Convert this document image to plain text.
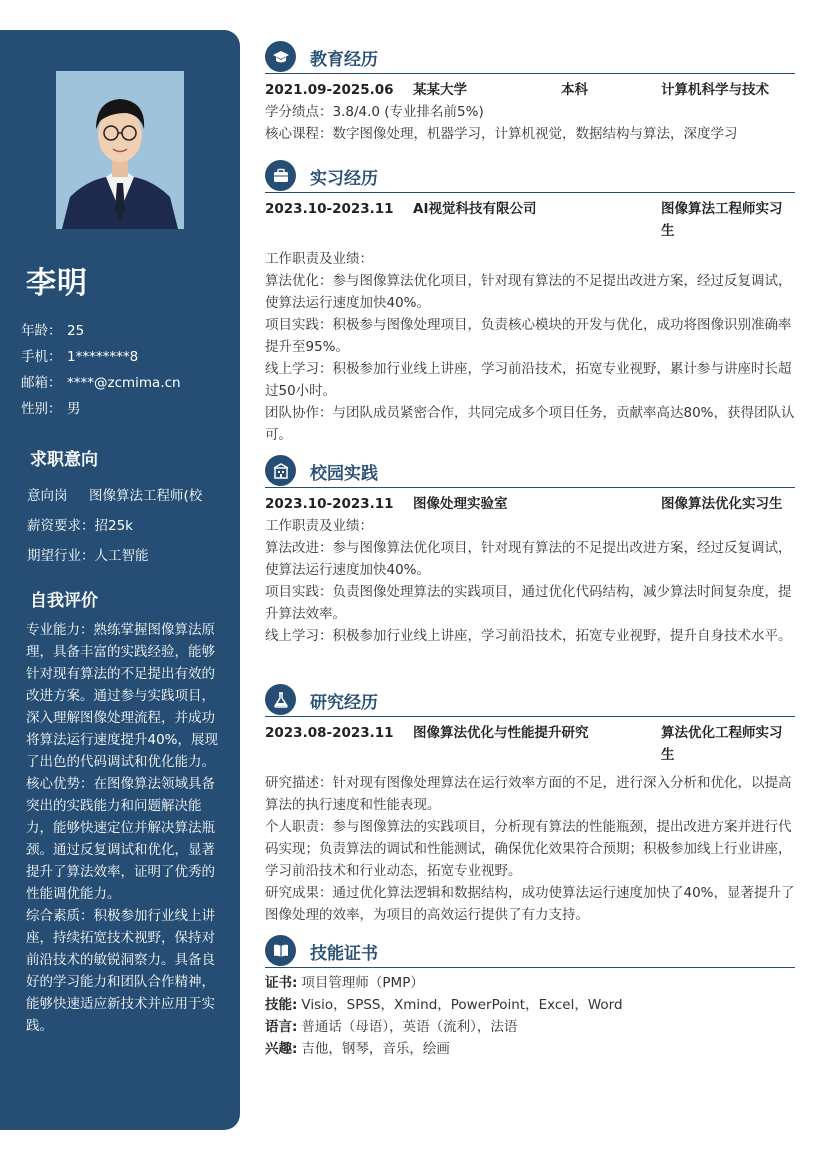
李明
年龄： 25
手机： 1********8
邮箱： ****@zcmima.cn
性别： 男
求职意向
意向岗	图像算法工程师(校
薪资要求： 招25k
期望行业： 人工智能
自我评价
专业能力：熟练掌握图像算法原理，具备丰富的实践经验，能够针对现有算法的不足提出有效的改进方案。通过参与实践项目，深入理解图像处理流程，并成功将算法运行速度提升40%，展现了出色的代码调试和优化能力。
核心优势：在图像算法领域具备突出的实践能力和问题解决能力，能够快速定位并解决算法瓶颈。通过反复调试和优化，显著提升了算法效率，证明了优秀的性能调优能力。
综合素质：积极参加行业线上讲座，持续拓宽技术视野，保持对前沿技术的敏锐洞察力。具备良好的学习能力和团队合作精神，能够快速适应新技术并应用于实践。
教育经历
2021.09-2025.06	某某大学	本科	计算机科学与技术
学分绩点：3.8/4.0 (专业排名前5%)
核心课程：数字图像处理，机器学习，计算机视觉，数据结构与算法，深度学习
实习经历
2023.10-2023.11	AI视觉科技有限公司	图像算法工程师实习生
工作职责及业绩：
算法优化：参与图像算法优化项目，针对现有算法的不足提出改进方案，经过反复调试，使算法运行速度加快40%。
项目实践：积极参与图像处理项目，负责核心模块的开发与优化，成功将图像识别准确率提升至95%。
线上学习：积极参加行业线上讲座，学习前沿技术，拓宽专业视野，累计参与讲座时长超过50小时。
团队协作：与团队成员紧密合作，共同完成多个项目任务，贡献率高达80%，获得团队认可。
校园实践
2023.10-2023.11	图像处理实验室	图像算法优化实习生
工作职责及业绩：
算法改进：参与图像算法优化项目，针对现有算法的不足提出改进方案，经过反复调试，使算法运行速度加快40%。
项目实践：负责图像处理算法的实践项目，通过优化代码结构，减少算法时间复杂度，提升算法效率。
线上学习：积极参加行业线上讲座，学习前沿技术，拓宽专业视野，提升自身技术水平。
研究经历
2023.08-2023.11	图像算法优化与性能提升研究	算法优化工程师实习生
研究描述：针对现有图像处理算法在运行效率方面的不足，进行深入分析和优化，以提高算法的执行速度和性能表现。
个人职责：参与图像算法的实践项目，分析现有算法的性能瓶颈，提出改进方案并进行代码实现；负责算法的调试和性能测试，确保优化效果符合预期；积极参加线上行业讲座，学习前沿技术和行业动态，拓宽专业视野。
研究成果：通过优化算法逻辑和数据结构，成功使算法运行速度加快了40%，显著提升了图像处理的效率，为项目的高效运行提供了有力支持。
技能证书
证书: 项目管理师（PMP）
技能: Visio，SPSS，Xmind，PowerPoint，Excel，Word
语言: 普通话（母语），英语（流利），法语
兴趣: 吉他，钢琴，音乐，绘画
